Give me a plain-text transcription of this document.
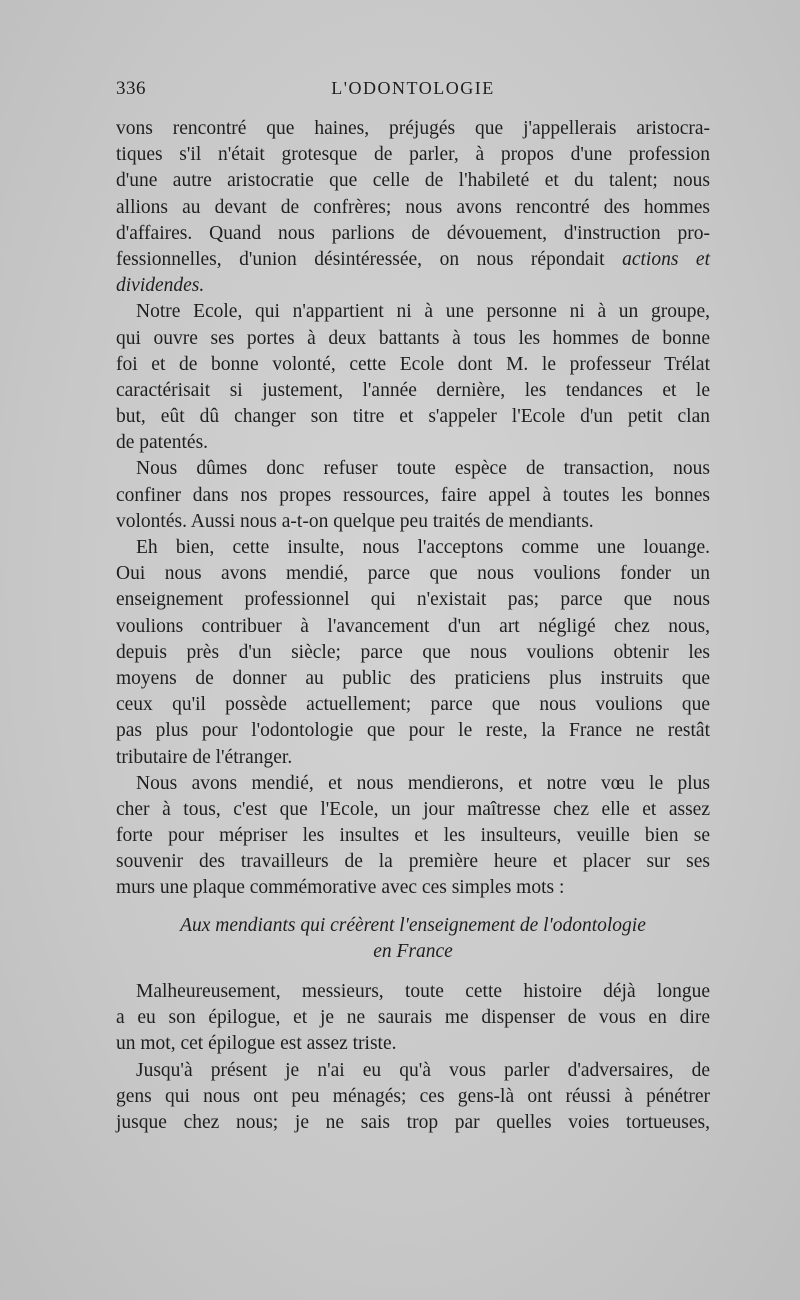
336	L'ODONTOLOGIE
vons rencontré que haines, préjugés que j'appellerais aristocra-
tiques s'il n'était grotesque de parler, à propos d'une profession
d'une autre aristocratie que celle de l'habileté et du talent; nous
allions au devant de confrères; nous avons rencontré des hommes
d'affaires. Quand nous parlions de dévouement, d'instruction pro-
fessionnelles, d'union désintéressée, on nous répondait actions et
dividendes.
Notre Ecole, qui n'appartient ni à une personne ni à un groupe,
qui ouvre ses portes à deux battants à tous les hommes de bonne
foi et de bonne volonté, cette Ecole dont M. le professeur Trélat
caractérisait si justement, l'année dernière, les tendances et le
but, eût dû changer son titre et s'appeler l'Ecole d'un petit clan
de patentés.
Nous dûmes donc refuser toute espèce de transaction, nous
confiner dans nos propes ressources, faire appel à toutes les bonnes
volontés. Aussi nous a-t-on quelque peu traités de mendiants.
Eh bien, cette insulte, nous l'acceptons comme une louange.
Oui nous avons mendié, parce que nous voulions fonder un
enseignement professionnel qui n'existait pas; parce que nous
voulions contribuer à l'avancement d'un art négligé chez nous,
depuis près d'un siècle; parce que nous voulions obtenir les
moyens de donner au public des praticiens plus instruits que
ceux qu'il possède actuellement; parce que nous voulions que
pas plus pour l'odontologie que pour le reste, la France ne restât
tributaire de l'étranger.
Nous avons mendié, et nous mendierons, et notre vœu le plus
cher à tous, c'est que l'Ecole, un jour maîtresse chez elle et assez
forte pour mépriser les insultes et les insulteurs, veuille bien se
souvenir des travailleurs de la première heure et placer sur ses
murs une plaque commémorative avec ces simples mots :
Aux mendiants qui créèrent l'enseignement de l'odontologie
en France
Malheureusement, messieurs, toute cette histoire déjà longue
a eu son épilogue, et je ne saurais me dispenser de vous en dire
un mot, cet épilogue est assez triste.
Jusqu'à présent je n'ai eu qu'à vous parler d'adversaires, de
gens qui nous ont peu ménagés; ces gens-là ont réussi à pénétrer
jusque chez nous; je ne sais trop par quelles voies tortueuses,
